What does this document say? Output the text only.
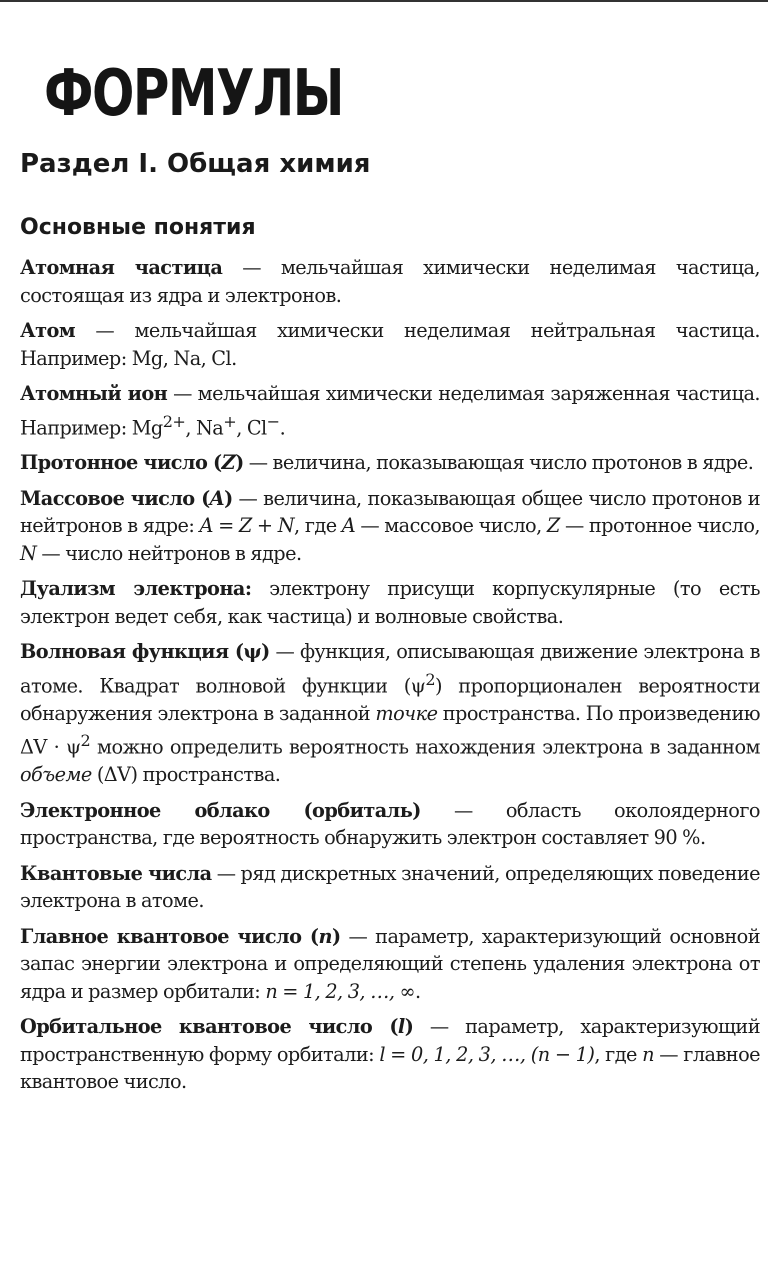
ФОРМУЛЫ
Раздел I. Общая химия
Основные понятия

Атомная частица — мельчайшая химически неделимая частица, состоящая из ядра и электронов.

Атом — мельчайшая химически неделимая нейтральная частица. Например: Mg, Na, Cl.

Атомный ион — мельчайшая химически неделимая заряженная частица. Например: $Mg^{2+}$, Na+, Cl−.

Протонное число (Z) — величина, показывающая число протонов в ядре.

Массовое число (A) — величина, показывающая общее число протонов и нейтронов в ядре: A = Z + N, где A — массовое число, Z — протонное число, N — число нейтронов в ядре.

Дуализм электрона: электрону присущи корпускулярные (то есть электрон ведет себя, как частица) и волновые свойства.

Волновая функция (ψ) — функция, описывающая движение электрона в атоме. Квадрат волновой функции $(\psi^2)$ пропорционален вероятности обнаружения электрона в заданной точке пространства. По произведению $\Delta V \cdot \psi^2$ можно определить вероятность нахождения электрона в заданном объеме (ΔV) пространства.

Электронное облако (орбиталь) — область околоядерного пространства, где вероятность обнаружить электрон составляет 90 %.

Квантовые числа — ряд дискретных значений, определяющих поведение электрона в атоме.

Главное квантовое число (n) — параметр, характеризующий основной запас энергии электрона и определяющий степень удаления электрона от ядра и размер орбитали: n = 1, 2, 3, …, ∞.

Орбитальное квантовое число (l) — параметр, характеризующий пространственную форму орбитали: l = 0, 1, 2, 3, …, (n − 1), где n — главное квантовое число.
